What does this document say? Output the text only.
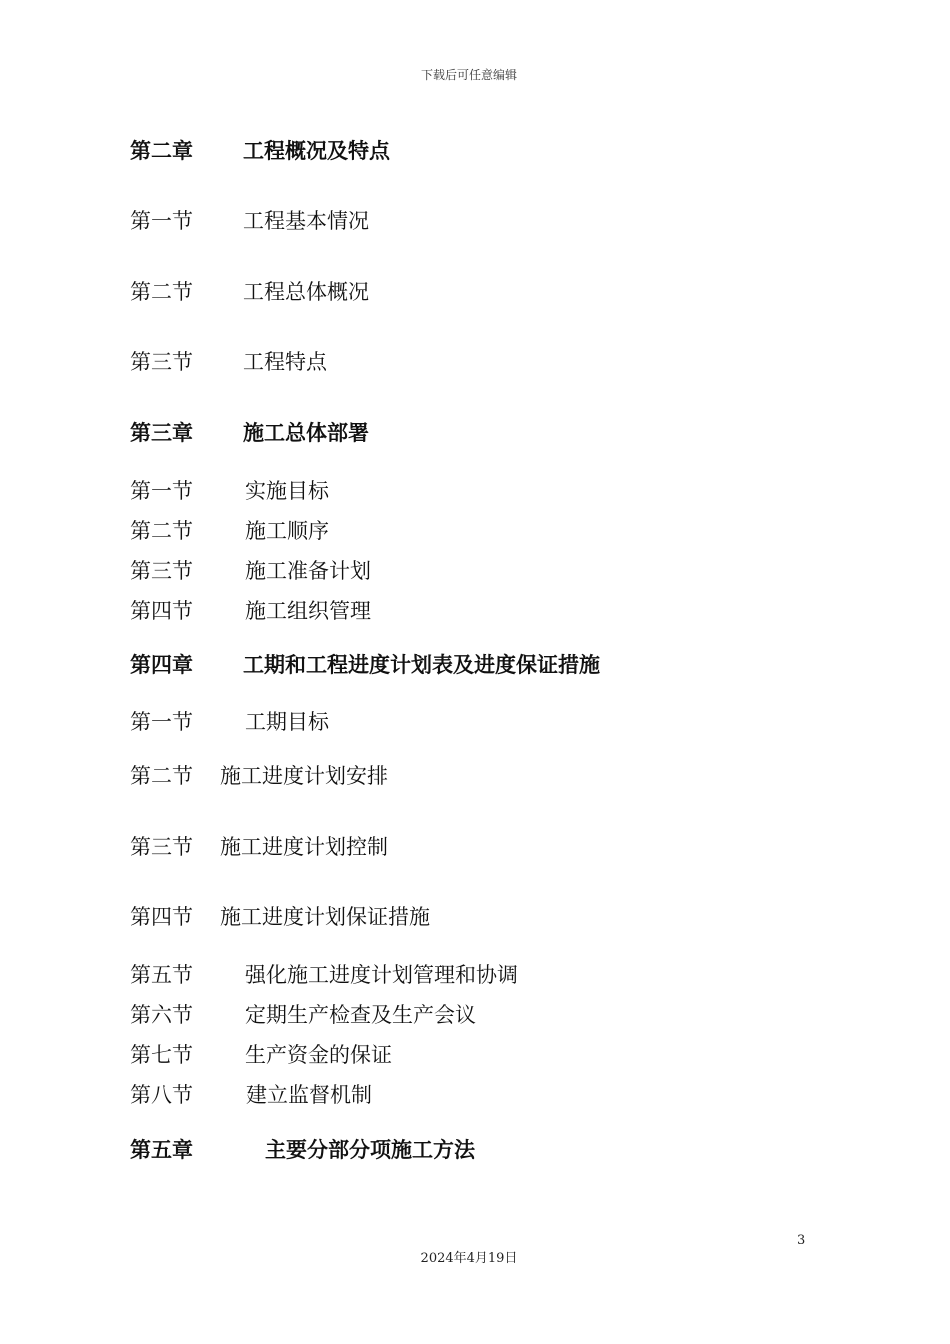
下载后可任意编辑
第二章 工程概况及特点
第一节 工程基本情况
第二节 工程总体概况
第三节 工程特点
第三章 施工总体部署
第一节 实施目标
第二节 施工顺序
第三节 施工准备计划
第四节 施工组织管理
第四章 工期和工程进度计划表及进度保证措施
第一节 工期目标
第二节 施工进度计划安排
第三节 施工进度计划控制
第四节 施工进度计划保证措施
第五节 强化施工进度计划管理和协调
第六节 定期生产检查及生产会议
第七节 生产资金的保证
第八节	建立监督机制
第五章	主要分部分项施工方法
3
2024年4月19日
